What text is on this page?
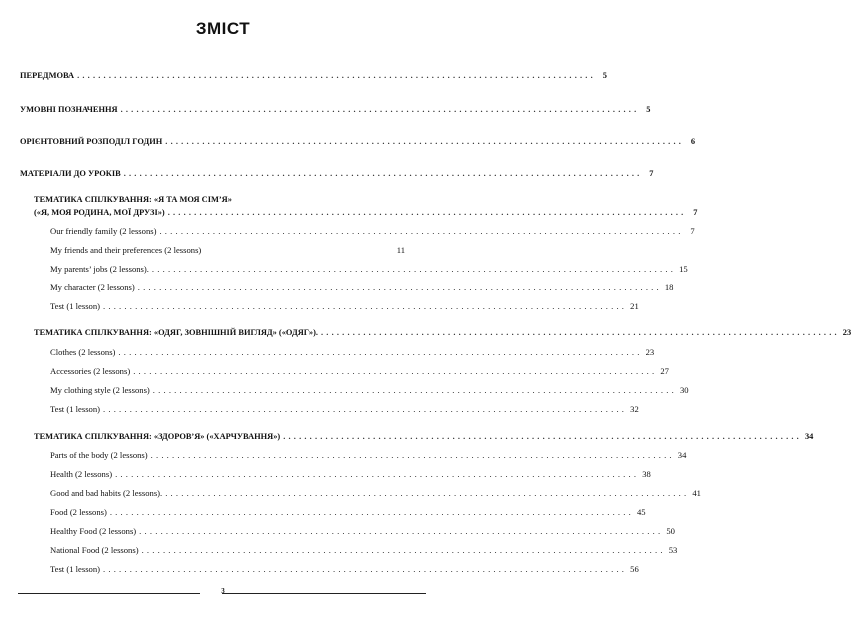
ЗМІСТ
ПЕРЕДМОВА .................................................................................................. 5
УМОВНІ ПОЗНАЧЕННЯ .................................................................................................. 5
ОРІЄНТОВНИЙ РОЗПОДІЛ ГОДИН .................................................................................................. 6
МАТЕРІАЛИ ДО УРОКІВ .................................................................................................. 7
ТЕМАТИКА СПІЛКУВАННЯ: «Я ТА МОЯ СІМ’Я»
(«Я, МОЯ РОДИНА, МОЇ ДРУЗІ») .................................................................................................. 7
Our friendly family (2 lessons) .................................................................................................. 7
My friends and their preferences (2 lessons)	11
My parents’ jobs (2 lessons). .................................................................................................. 15
My character (2 lessons) .................................................................................................. 18
Test (1 lesson) .................................................................................................. 21
ТЕМАТИКА СПІЛКУВАННЯ: «ОДЯГ, ЗОВНІШНІЙ ВИГЛЯД» («ОДЯГ»). .................................................................................................. 23
Clothes (2 lessons) .................................................................................................. 23
Accessories (2 lessons) .................................................................................................. 27
My clothing style (2 lessons) .................................................................................................. 30
Test (1 lesson) .................................................................................................. 32
ТЕМАТИКА СПІЛКУВАННЯ: «ЗДОРОВ’Я» («ХАРЧУВАННЯ») .................................................................................................. 34
Parts of the body (2 lessons) .................................................................................................. 34
Health (2 lessons) .................................................................................................. 38
Good and bad habits (2 lessons). .................................................................................................. 41
Food (2 lessons) .................................................................................................. 45
Healthy Food (2 lessons) .................................................................................................. 50
National Food (2 lessons) .................................................................................................. 53
Test (1 lesson) .................................................................................................. 56
3
